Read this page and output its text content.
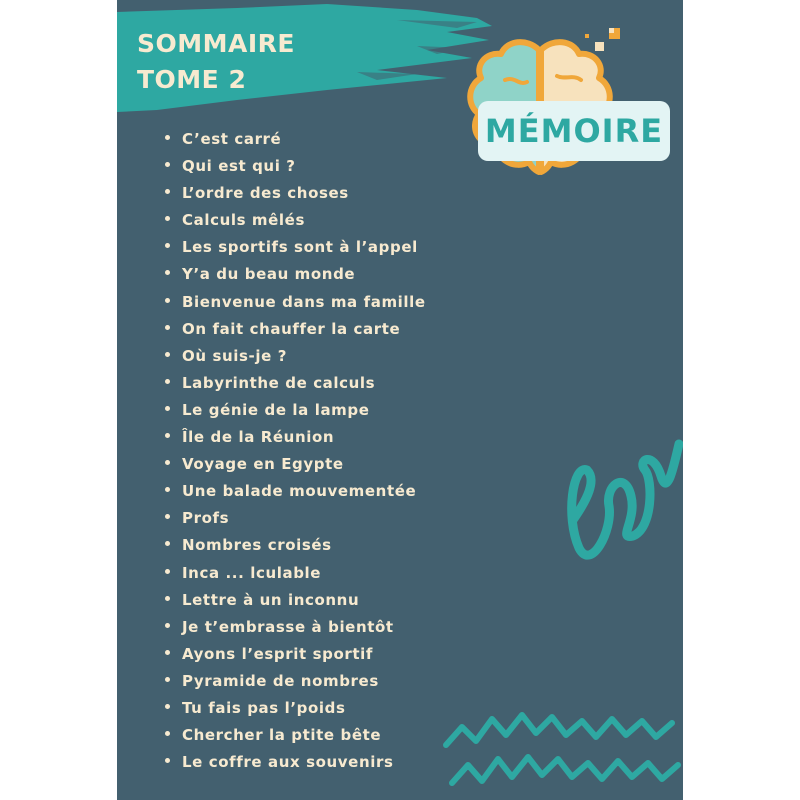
SOMMAIRE
TOME 2
MÉMOIRE
C’est carré
Qui est qui ?
L’ordre des choses
Calculs mêlés
Les sportifs sont à l’appel
Y’a du beau monde
Bienvenue dans ma famille
On fait chauffer la carte
Où suis-je ?
Labyrinthe de calculs
Le génie de la lampe
Île de la Réunion
Voyage en Egypte
Une balade mouvementée
Profs
Nombres croisés
Inca ... lculable
Lettre à un inconnu
Je t’embrasse à bientôt
Ayons l’esprit sportif
Pyramide de nombres
Tu fais pas l’poids
Chercher la ptite bête
Le coffre aux souvenirs
